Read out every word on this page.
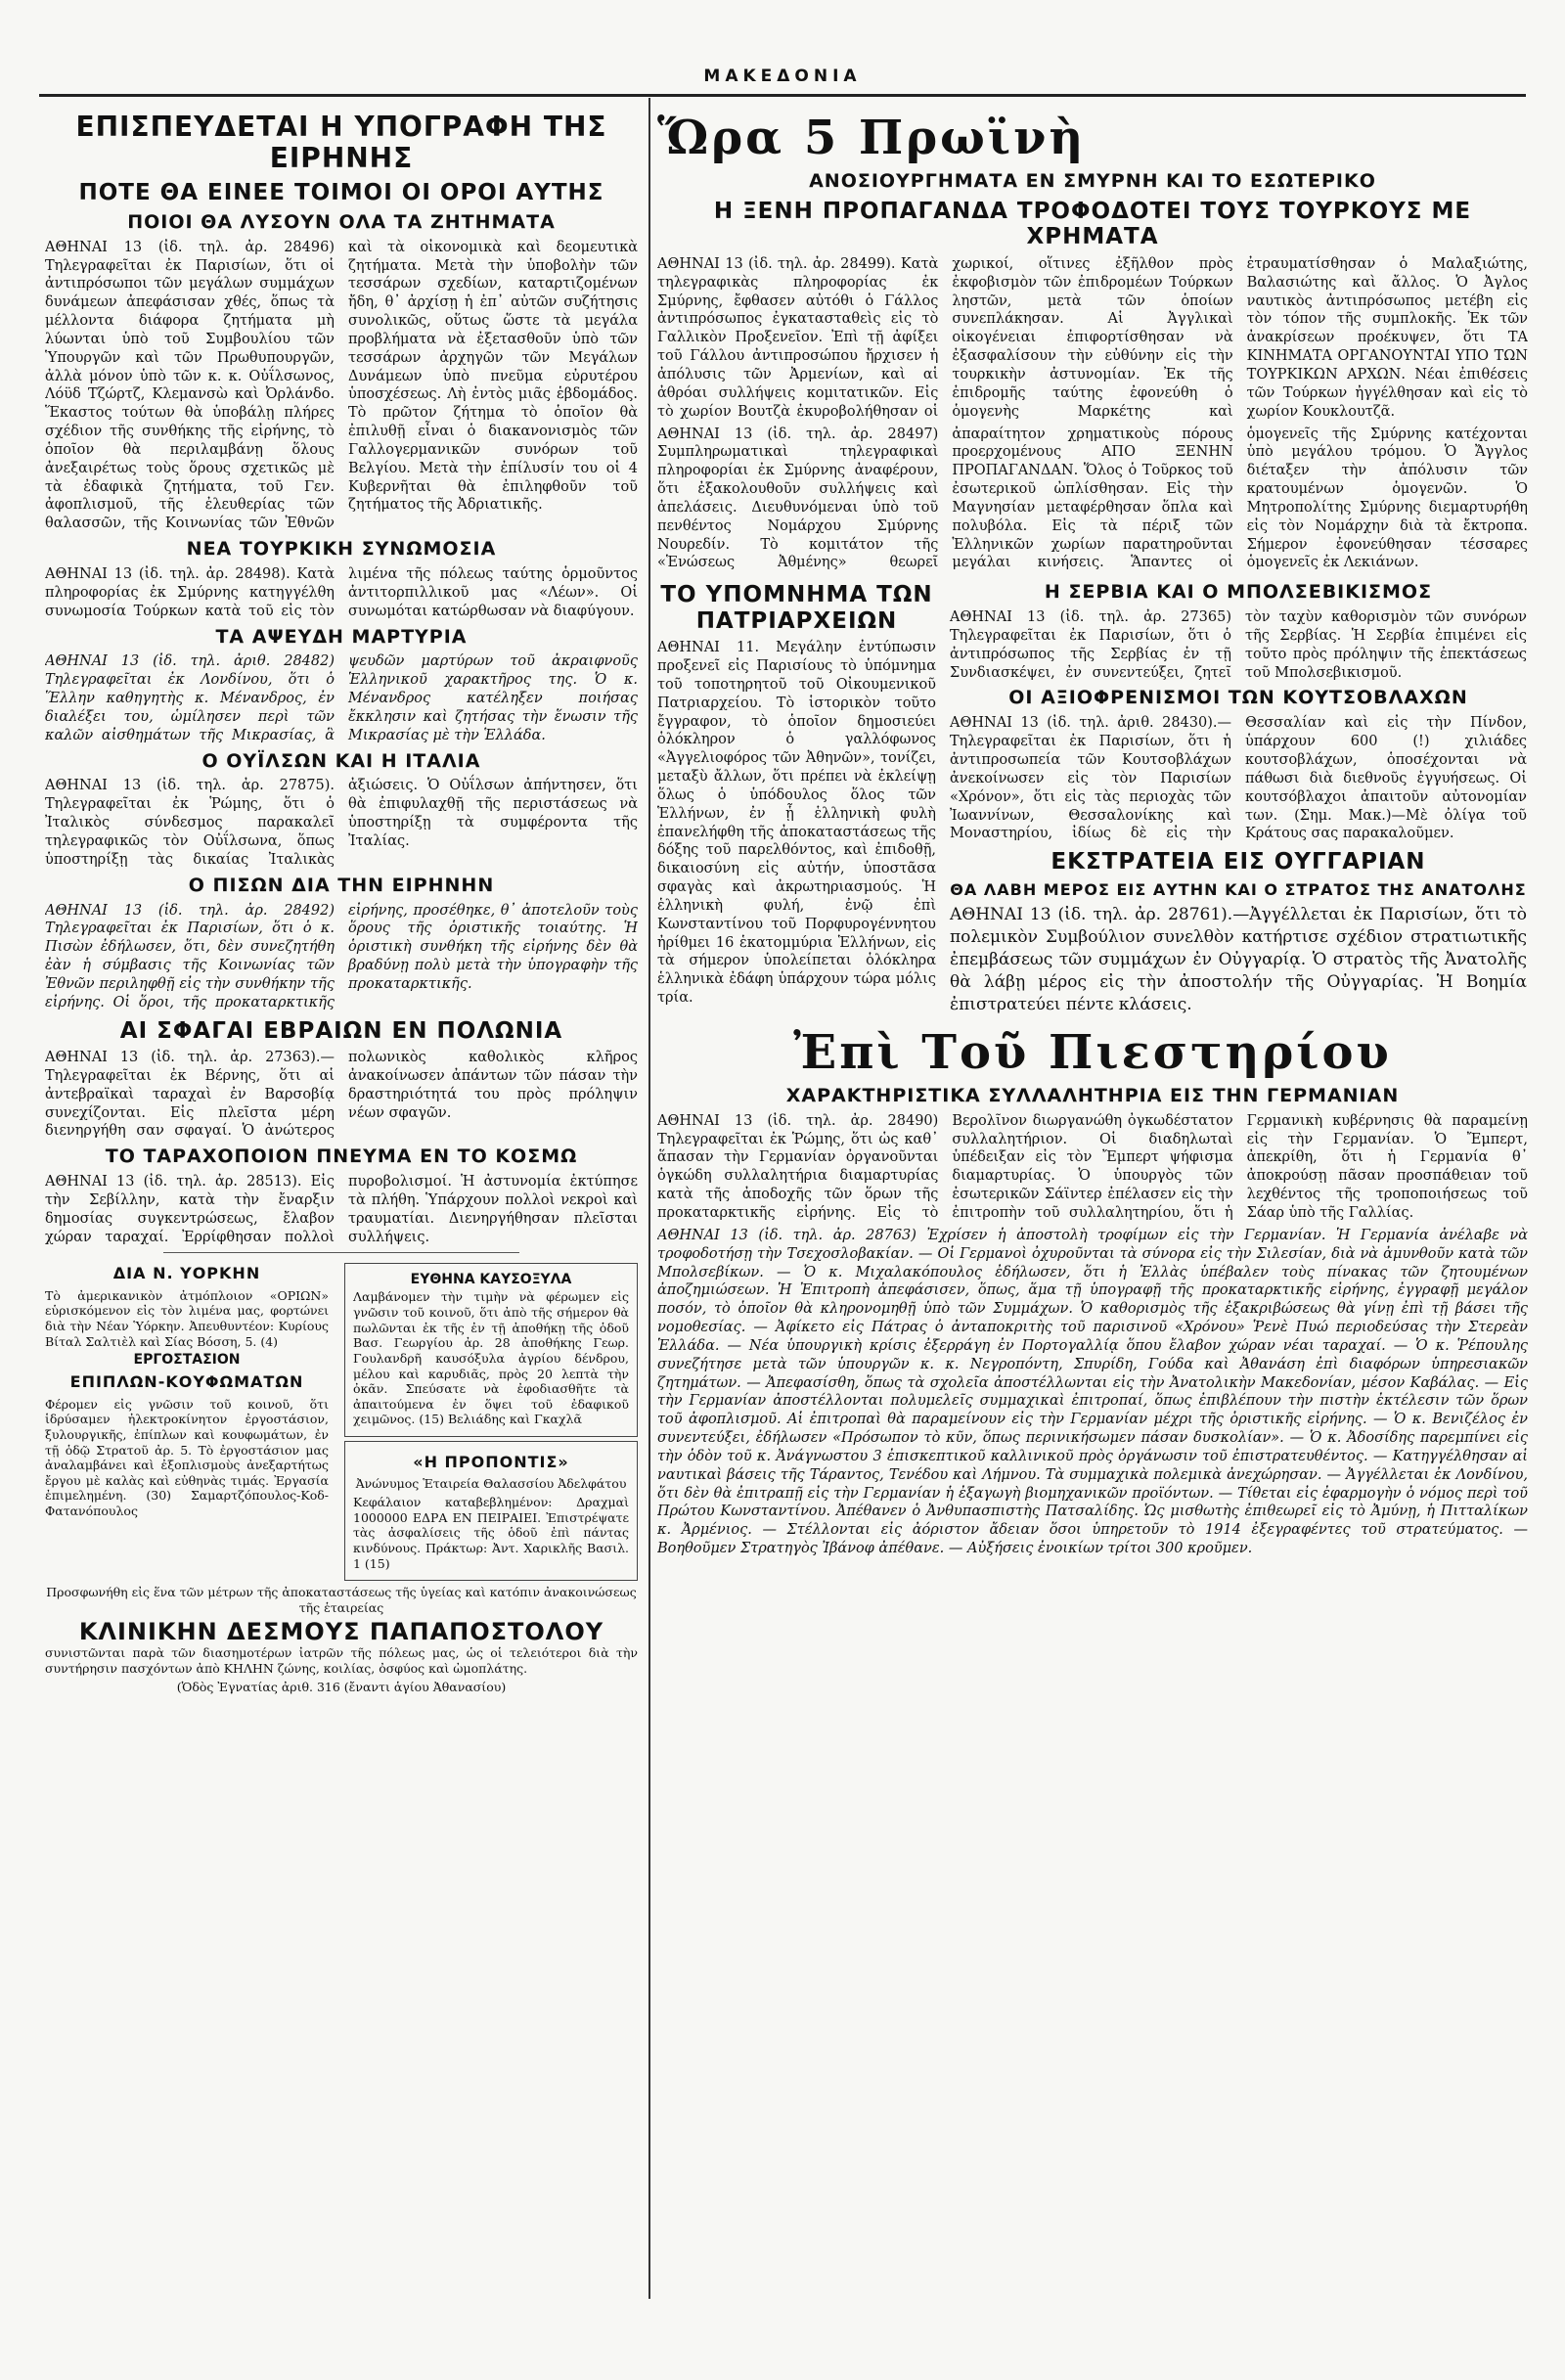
ΜΑΚΕΔΟΝΙΑ
ΕΠΙΣΠΕΥΔΕΤΑΙ Η ΥΠΟΓΡΑΦΗ ΤΗΣ ΕΙΡΗΝΗΣ
ΠΟΤΕ ΘΑ ΕΙΝΕΕ ΤΟΙΜΟΙ ΟΙ ΟΡΟΙ ΑΥΤΗΣ
ΠΟΙΟΙ ΘΑ ΛΥΣΟΥΝ ΟΛΑ ΤΑ ΖΗΤΗΜΑΤΑ

ΑΘΗΝΑΙ 13 (ἰδ. τηλ. ἀρ. 28496) Τηλεγραφεῖται ἐκ Παρισίων, ὅτι οἱ ἀντιπρόσωποι τῶν μεγάλων συμμάχων δυνάμεων ἀπεφάσισαν χθές, ὅπως τὰ μέλλοντα διάφορα ζητήματα μὴ λύωνται ὑπὸ τοῦ Συμβουλίου τῶν Ὑπουργῶν καὶ τῶν Πρωθυπουργῶν, ἀλλὰ μόνον ὑπὸ τῶν κ. κ. Οὐΐλσωνος, Λόϋδ Τζώρτζ, Κλεμανσὼ καὶ Ὀρλάνδο. Ἕκαστος τούτων θὰ ὑποβάλῃ πλήρες σχέδιον τῆς συνθήκης τῆς εἰρήνης, τὸ ὁποῖον θὰ περιλαμβάνῃ ὅλους ἀνεξαιρέτως τοὺς ὅρους σχετικῶς μὲ τὰ ἐδαφικὰ ζητήματα, τοῦ Γεν. ἀφοπλισμοῦ, τῆς ἐλευθερίας τῶν θαλασσῶν, τῆς Κοινωνίας τῶν Ἐθνῶν καὶ τὰ οἰκονομικὰ καὶ δεομευτικὰ ζητήματα. Μετὰ τὴν ὑποβολὴν τῶν τεσσάρων σχεδίων, καταρτιζομένων ἤδη, θ᾽ ἀρχίσῃ ἡ ἐπ᾽ αὐτῶν συζήτησις συνολικῶς, οὕτως ὥστε τὰ μεγάλα προβλήματα νὰ ἐξετασθοῦν ὑπὸ τῶν τεσσάρων ἀρχηγῶν τῶν Μεγάλων Δυνάμεων ὑπὸ πνεῦμα εὐρυτέρου ὑποσχέσεως. Λὴ ἐντὸς μιᾶς ἑβδομάδος. Τὸ πρῶτον ζήτημα τὸ ὁποῖον θὰ ἐπιλυθῇ εἶναι ὁ διακανονισμὸς τῶν Γαλλογερμανικῶν συνόρων τοῦ Βελγίου. Μετὰ τὴν ἐπίλυσίν του οἱ 4 Κυβερνῆται θὰ ἐπιληφθοῦν τοῦ ζητήματος τῆς Ἀδριατικῆς.

ΝΕΑ ΤΟΥΡΚΙΚΗ ΣΥΝΩΜΟΣΙΑ

ΑΘΗΝΑΙ 13 (ἰδ. τηλ. ἀρ. 28498). Κατὰ πληροφορίας ἐκ Σμύρνης κατηγγέλθη συνωμοσία Τούρκων κατὰ τοῦ εἰς τὸν λιμένα τῆς πόλεως ταύτης ὁρμοῦντος ἀντιτορπιλλικοῦ μας «Λέων». Οἱ συνωμόται κατώρθωσαν νὰ διαφύγουν.

ΤΑ ΑΨΕΥΔΗ ΜΑΡΤΥΡΙΑ

ΑΘΗΝΑΙ 13 (ἰδ. τηλ. ἀριθ. 28482) Τηλεγραφεῖται ἐκ Λονδίνου, ὅτι ὁ Ἕλλην καθηγητὴς κ. Μένανδρος, ἐν διαλέξει του, ὡμίλησεν περὶ τῶν καλῶν αἰσθημάτων τῆς Μικρασίας, ἃ ψευδῶν μαρτύρων τοῦ ἀκραιφνοῦς Ἑλληνικοῦ χαρακτῆρος της. Ὁ κ. Μένανδρος κατέληξεν ποιήσας ἔκκλησιν καὶ ζητήσας τὴν ἕνωσιν τῆς Μικρασίας μὲ τὴν Ἑλλάδα.

Ο ΟΥΪΛΣΩΝ ΚΑΙ Η ΙΤΑΛΙΑ

ΑΘΗΝΑΙ 13 (ἰδ. τηλ. ἀρ. 27875). Τηλεγραφεῖται ἐκ Ῥώμης, ὅτι ὁ Ἰταλικὸς σύνδεσμος παρακαλεῖ τηλεγραφικῶς τὸν Οὐΐλσωνα, ὅπως ὑποστηρίξῃ τὰς δικαίας Ἰταλικὰς ἀξιώσεις. Ὁ Οὐΐλσων ἀπήντησεν, ὅτι θὰ ἐπιφυλαχθῇ τῆς περιστάσεως νὰ ὑποστηρίξῃ τὰ συμφέροντα τῆς Ἰταλίας.

Ο ΠΙΣΩΝ ΔΙΑ ΤΗΝ ΕΙΡΗΝΗΝ

ΑΘΗΝΑΙ 13 (ἰδ. τηλ. ἀρ. 28492) Τηλεγραφεῖται ἐκ Παρισίων, ὅτι ὁ κ. Πισὼν ἐδήλωσεν, ὅτι, δὲν συνεζητήθη ἐὰν ἡ σύμβασις τῆς Κοινωνίας τῶν Ἐθνῶν περιληφθῇ εἰς τὴν συνθήκην τῆς εἰρήνης. Οἱ ὅροι, τῆς προκαταρκτικῆς εἰρήνης, προσέθηκε, θ᾽ ἀποτελοῦν τοὺς ὅρους τῆς ὁριστικῆς τοιαύτης. Ἡ ὁριστικὴ συνθήκη τῆς εἰρήνης δὲν θὰ βραδύνῃ πολὺ μετὰ τὴν ὑπογραφὴν τῆς προκαταρκτικῆς.

ΑΙ ΣΦΑΓΑΙ ΕΒΡΑΙΩΝ ΕΝ ΠΟΛΩΝΙΑ

ΑΘΗΝΑΙ 13 (ἰδ. τηλ. ἀρ. 27363).—Τηλεγραφεῖται ἐκ Βέρνης, ὅτι αἱ ἀντεβραϊκαὶ ταραχαὶ ἐν Βαρσοβίᾳ συνεχίζονται. Εἰς πλεῖστα μέρη διενηργήθη σαν σφαγαί. Ὁ ἀνώτερος πολωνικὸς καθολικὸς κλῆρος ἀνακοίνωσεν ἀπάντων τῶν πάσαν τὴν δραστηριότητά του πρὸς πρόληψιν νέων σφαγῶν.

ΤΟ ΤΑΡΑΧΟΠΟΙΟΝ ΠΝΕΥΜΑ ΕΝ ΤΟ ΚΟΣΜΩ

ΑΘΗΝΑΙ 13 (ἰδ. τηλ. ἀρ. 28513). Εἰς τὴν Σεβίλλην, κατὰ τὴν ἔναρξιν δημοσίας συγκεντρώσεως, ἔλαβον χώραν ταραχαί. Ἐρρίφθησαν πολλοὶ πυροβολισμοί. Ἡ ἀστυνομία ἐκτύπησε τὰ πλήθη. Ὑπάρχουν πολλοὶ νεκροὶ καὶ τραυματίαι. Διενηργήθησαν πλεῖσται συλλήψεις.

ΔΙΑ Ν. ΥΟΡΚΗΝ

Τὸ ἀμερικανικὸν ἀτμόπλοιον «ΟΡΙΩΝ» εὑρισκόμενον εἰς τὸν λιμένα μας, φορτώνει διὰ τὴν Νέαν Ὑόρκην. Ἀπευθυντέον: Κυρίους Βίταλ Σαλτιὲλ καὶ Σίας Βόσση, 5. (4)

ΕΡΓΟΣΤΑΣΙΟΝ
ΕΠΙΠΛΩΝ-ΚΟΥΦΩΜΑΤΩΝ

Φέρομεν εἰς γνῶσιν τοῦ κοινοῦ, ὅτι ἱδρύσαμεν ἠλεκτροκίνητον ἐργοστάσιον, ξυλουργικῆς, ἐπίπλων καὶ κουφωμάτων, ἐν τῇ ὁδῷ Στρατοῦ ἀρ. 5. Τὸ ἐργοστάσιον μας ἀναλαμβάνει καὶ ἐξοπλισμοὺς ἀνεξαρτήτως ἔργου μὲ καλὰς καὶ εὐθηνὰς τιμάς. Ἐργασία ἐπιμελημένη. (30) Σαμαρτζόπουλος-Κοδ-Φατανόπουλος

ΕΥΘΗΝΑ ΚΑΥΣΟΞΥΛΑ

Λαμβάνομεν τὴν τιμὴν νὰ φέρωμεν εἰς γνῶσιν τοῦ κοινοῦ, ὅτι ἀπὸ τῆς σήμερον θὰ πωλῶνται ἐκ τῆς ἐν τῇ ἀποθήκῃ τῆς ὁδοῦ Βασ. Γεωργίου ἀρ. 28 ἀποθήκης Γεωρ. Γουλανδρῆ καυσόξυλα ἀγρίου δένδρου, μέλου καὶ καρυδιᾶς, πρὸς 20 λεπτὰ τὴν ὀκᾶν. Σπεύσατε νὰ ἐφοδιασθῆτε τὰ ἀπαιτούμενα ἐν ὅψει τοῦ ἐδαφικοῦ χειμῶνος. (15) Βελιάδης καὶ Γκαχλᾶ

«Η ΠΡΟΠΟΝΤΙΣ»
Ἀνώνυμος Ἑταιρεία Θαλασσίου Ἀδελφάτου

Κεφάλαιον καταβεβλημένον: Δραχμαὶ 1000000 ΕΔΡΑ ΕΝ ΠΕΙΡΑΙΕΙ. Ἐπιστρέψατε τὰς ἀσφαλίσεις τῆς ὁδοῦ ἐπὶ πάντας κινδύνους. Πράκτωρ: Ἀντ. Χαρικλῆς Βασιλ. 1 (15)

Προσφωνήθη εἰς ἕνα τῶν μέτρων τῆς ἀποκαταστάσεως τῆς ὑγείας καὶ κατόπιν ἀνακοινώσεως τῆς ἑταιρείας

ΚΛΙΝΙΚΗΝ ΔΕΣΜΟΥΣ ΠΑΠΑΠΟΣΤΟΛΟΥ

συνιστῶνται παρὰ τῶν διασημοτέρων ἰατρῶν τῆς πόλεως μας, ὡς οἱ τελειότεροι διὰ τὴν συντήρησιν πασχόντων ἀπὸ ΚΗΛΗΝ ζώνης, κοιλίας, ὀσφύος καὶ ὠμοπλάτης.

(Ὁδὸς Ἐγνατίας ἀριθ. 316 (ἔναντι ἁγίου Ἀθανασίου)

Ὥρα 5 Πρωϊνὴ
ΑΝΟΣΙΟΥΡΓΗΜΑΤΑ ΕΝ ΣΜΥΡΝΗ ΚΑΙ ΤΟ ΕΣΩΤΕΡΙΚΟ
Η ΞΕΝΗ ΠΡΟΠΑΓΑΝΔΑ ΤΡΟΦΟΔΟΤΕΙ ΤΟΥΣ ΤΟΥΡΚΟΥΣ ΜΕ ΧΡΗΜΑΤΑ

ΑΘΗΝΑΙ 13 (ἰδ. τηλ. ἀρ. 28499). Κατὰ τηλεγραφικὰς πληροφορίας ἐκ Σμύρνης, ἔφθασεν αὐτόθι ὁ Γάλλος ἀντιπρόσωπος ἐγκατασταθεὶς εἰς τὸ Γαλλικὸν Προξενεῖον. Ἐπὶ τῇ ἀφίξει τοῦ Γάλλου ἀντιπροσώπου ἤρχισεν ἡ ἀπόλυσις τῶν Ἀρμενίων, καὶ αἱ ἀθρόαι συλλήψεις κομιτατικῶν. Εἰς τὸ χωρίον Βουτζὰ ἐκυροβολήθησαν οἱ χωρικοί, οἵτινες ἐξῆλθον πρὸς ἐκφοβισμὸν τῶν ἐπιδρομέων Τούρκων ληστῶν, μετὰ τῶν ὁποίων συνεπλάκησαν. Αἱ Ἀγγλικαὶ οἰκογένειαι ἐπιφορτίσθησαν νὰ ἐξασφαλίσουν τὴν εὐθύνην εἰς τὴν τουρκικὴν ἀστυνομίαν. Ἐκ τῆς ἐπιδρομῆς ταύτης ἐφονεύθη ὁ ὁμογενὴς Μαρκέτης καὶ ἐτραυματίσθησαν ὁ Μαλαξιώτης, Βαλασιώτης καὶ ἄλλος. Ὁ Ἀγλος ναυτικὸς ἀντιπρόσωπος μετέβη εἰς τὸν τόπον τῆς συμπλοκῆς. Ἐκ τῶν ἀνακρίσεων προέκυψεν, ὅτι ΤΑ ΚΙΝΗΜΑΤΑ ΟΡΓΑΝΟΥΝΤΑΙ ΥΠΟ ΤΩΝ ΤΟΥΡΚΙΚΩΝ ΑΡΧΩΝ. Νέαι ἐπιθέσεις τῶν Τούρκων ἠγγέλθησαν καὶ εἰς τὸ χωρίον Κουκλουτζᾶ.

ΑΘΗΝΑΙ 13 (ἰδ. τηλ. ἀρ. 28497) Συμπληρωματικαὶ τηλεγραφικαὶ πληροφορίαι ἐκ Σμύρνης ἀναφέρουν, ὅτι ἐξακολουθοῦν συλλήψεις καὶ ἀπελάσεις. Διευθυνόμεναι ὑπὸ τοῦ πενθέντος Νομάρχου Σμύρνης Νουρεδίν. Τὸ κομιτάτον τῆς «Ἑνώσεως Ἀθμένης» θεωρεῖ ἀπαραίτητον χρηματικοὺς πόρους προερχομένους ΑΠΟ ΞΕΝΗΝ ΠΡΟΠΑΓΑΝΔΑΝ. Ὅλος ὁ Τοῦρκος τοῦ ἐσωτερικοῦ ὠπλίσθησαν. Εἰς τὴν Μαγνησίαν μεταφέρθησαν ὅπλα καὶ πολυβόλα. Εἰς τὰ πέριξ τῶν Ἑλληνικῶν χωρίων παρατηροῦνται μεγάλαι κινήσεις. Ἅπαντες οἱ ὁμογενεῖς τῆς Σμύρνης κατέχονται ὑπὸ μεγάλου τρόμου. Ὁ Ἄγγλος διέταξεν τὴν ἀπόλυσιν τῶν κρατουμένων ὁμογενῶν. Ὁ Μητροπολίτης Σμύρνης διεμαρτυρήθη εἰς τὸν Νομάρχην διὰ τὰ ἔκτροπα. Σήμερον ἐφονεύθησαν τέσσαρες ὁμογενεῖς ἐκ Λεκιάνων.

ΤΟ ΥΠΟΜΝΗΜΑ ΤΩΝ ΠΑΤΡΙΑΡΧΕΙΩΝ

ΑΘΗΝΑΙ 11. Μεγάλην ἐντύπωσιν προξενεῖ εἰς Παρισίους τὸ ὑπόμνημα τοῦ τοποτηρητοῦ τοῦ Οἰκουμενικοῦ Πατριαρχείου. Τὸ ἱστορικὸν τοῦτο ἔγγραφον, τὸ ὁποῖον δημοσιεύει ὁλόκληρον ὁ γαλλόφωνος «Ἀγγελιοφόρος τῶν Ἀθηνῶν», τονίζει, μεταξὺ ἄλλων, ὅτι πρέπει νὰ ἐκλείψῃ ὅλως ὁ ὑπόδουλος ὅλος τῶν Ἑλλήνων, ἐν ᾗ ἑλληνικὴ φυλὴ ἐπανελήφθη τῆς ἀποκαταστάσεως τῆς δόξης τοῦ παρελθόντος, καὶ ἐπιδοθῇ, δικαιοσύνη εἰς αὐτήν, ὑποστᾶσα σφαγὰς καὶ ἀκρωτηριασμούς. Ἡ ἑλληνικὴ φυλή, ἐνῷ ἐπὶ Κωνσταντίνου τοῦ Πορφυρογέννητου ἠρίθμει 16 ἑκατομμύρια Ἑλλήνων, εἰς τὰ σήμερον ὑπολείπεται ὁλόκληρα ἑλληνικὰ ἐδάφη ὑπάρχουν τώρα μόλις τρία.

Η ΣΕΡΒΙΑ ΚΑΙ Ο ΜΠΟΛΣΕΒΙΚΙΣΜΟΣ

ΑΘΗΝΑΙ 13 (ἰδ. τηλ. ἀρ. 27365) Τηλεγραφεῖται ἐκ Παρισίων, ὅτι ὁ ἀντιπρόσωπος τῆς Σερβίας ἐν τῇ Συνδιασκέψει, ἐν συνεντεύξει, ζητεῖ τὸν ταχὺν καθορισμὸν τῶν συνόρων τῆς Σερβίας. Ἡ Σερβία ἐπιμένει εἰς τοῦτο πρὸς πρόληψιν τῆς ἐπεκτάσεως τοῦ Μπολσεβικισμοῦ.

ΟΙ ΑΞΙΟΦΡΕΝΙΣΜΟΙ ΤΩΝ ΚΟΥΤΣΟΒΛΑΧΩΝ

ΑΘΗΝΑΙ 13 (ἰδ. τηλ. ἀριθ. 28430).—Τηλεγραφεῖται ἐκ Παρισίων, ὅτι ἡ ἀντιπροσωπεία τῶν Κουτσοβλάχων ἀνεκοίνωσεν εἰς τὸν Παρισίων «Χρόνον», ὅτι εἰς τὰς περιοχὰς τῶν Ἰωαννίνων, Θεσσαλονίκης καὶ Μοναστηρίου, ἰδίως δὲ εἰς τὴν Θεσσαλίαν καὶ εἰς τὴν Πίνδον, ὑπάρχουν 600 (!) χιλιάδες κουτσοβλάχων, ὁποσέχονται νὰ πάθωσι διὰ διεθνοῦς ἐγγυήσεως. Οἱ κουτσόβλαχοι ἀπαιτοῦν αὐτονομίαν των. (Σημ. Μακ.)—Μὲ ὀλίγα τοῦ Κράτους σας παρακαλοῦμεν.

ΕΚΣΤΡΑΤΕΙΑ ΕΙΣ ΟΥΓΓΑΡΙΑΝ
ΘΑ ΛΑΒΗ ΜΕΡΟΣ ΕΙΣ ΑΥΤΗΝ ΚΑΙ Ο ΣΤΡΑΤΟΣ ΤΗΣ ΑΝΑΤΟΛΗΣ

ΑΘΗΝΑΙ 13 (ἰδ. τηλ. ἀρ. 28761).—Ἀγγέλλεται ἐκ Παρισίων, ὅτι τὸ πολεμικὸν Συμβούλιον συνελθὸν κατήρτισε σχέδιον στρατιωτικῆς ἐπεμβάσεως τῶν συμμάχων ἐν Οὐγγαρίᾳ. Ὁ στρατὸς τῆς Ἀνατολῆς θὰ λάβῃ μέρος εἰς τὴν ἀποστολήν τῆς Οὐγγαρίας. Ἡ Βοημία ἐπιστρατεύει πέντε κλάσεις.

Ἐπὶ Τοῦ Πιεστηρίου
ΧΑΡΑΚΤΗΡΙΣΤΙΚΑ ΣΥΛΛΑΛΗΤΗΡΙΑ ΕΙΣ ΤΗΝ ΓΕΡΜΑΝΙΑΝ

ΑΘΗΝΑΙ 13 (ἰδ. τηλ. ἀρ. 28490) Τηλεγραφεῖται ἐκ Ῥώμης, ὅτι ὡς καθ᾽ ἅπασαν τὴν Γερμανίαν ὀργανοῦνται ὁγκώδη συλλαλητήρια διαμαρτυρίας κατὰ τῆς ἀποδοχῆς τῶν ὅρων τῆς προκαταρκτικῆς εἰρήνης. Εἰς τὸ Βερολῖνον διωργανώθη ὀγκωδέστατον συλλαλητήριον. Οἱ διαδηλωταὶ ὑπέδειξαν εἰς τὸν Ἔμπερτ ψήφισμα διαμαρτυρίας. Ὁ ὑπουργὸς τῶν ἐσωτερικῶν Σάϊντερ ἐπέλασεν εἰς τὴν ἐπιτροπὴν τοῦ συλλαλητηρίου, ὅτι ἡ Γερμανικὴ κυβέρνησις θὰ παραμείνῃ εἰς τὴν Γερμανίαν. Ὁ Ἔμπερτ, ἀπεκρίθη, ὅτι ἡ Γερμανία θ᾽ ἀποκρούσῃ πᾶσαν προσπάθειαν τοῦ λεχθέντος τῆς τροποποιήσεως τοῦ Σάαρ ὑπὸ τῆς Γαλλίας.

ΑΘΗΝΑΙ 13 (ἰδ. τηλ. ἀρ. 28763) Ἐχρίσεν ἡ ἀποστολὴ τροφίμων εἰς τὴν Γερμανίαν. Ἡ Γερμανία ἀνέλαβε νὰ τροφοδοτήσῃ τὴν Τσεχοσλοβακίαν. — Οἱ Γερμανοὶ ὀχυροῦνται τὰ σύνορα εἰς τὴν Σιλεσίαν, διὰ νὰ ἀμυνθοῦν κατὰ τῶν Μπολσεβίκων. — Ὁ κ. Μιχαλακόπουλος ἐδήλωσεν, ὅτι ἡ Ἑλλὰς ὑπέβαλεν τοὺς πίνακας τῶν ζητουμένων ἀποζημιώσεων. Ἡ Ἐπιτροπὴ ἀπεφάσισεν, ὅπως, ἅμα τῇ ὑπογραφῇ τῆς προκαταρκτικῆς εἰρήνης, ἐγγραφῇ μεγάλον ποσόν, τὸ ὁποῖον θὰ κληρονομηθῇ ὑπὸ τῶν Συμμάχων. Ὁ καθορισμὸς τῆς ἐξακριβώσεως θὰ γίνῃ ἐπὶ τῇ βάσει τῆς νομοθεσίας. — Ἀφίκετο εἰς Πάτρας ὁ ἀνταποκριτὴς τοῦ παρισινοῦ «Χρόνου» Ῥενὲ Πυώ περιοδεύσας τὴν Στερεὰν Ἑλλάδα. — Νέα ὑπουργικὴ κρίσις ἐξερράγη ἐν Πορτογαλλίᾳ ὅπου ἔλαβον χώραν νέαι ταραχαί. — Ὁ κ. Ῥέπουλης συνεζήτησε μετὰ τῶν ὑπουργῶν κ. κ. Νεγροπόντη, Σπυρίδη, Γούδα καὶ Ἀθανάση ἐπὶ διαφόρων ὑπηρεσιακῶν ζητημάτων. — Ἀπεφασίσθη, ὅπως τὰ σχολεῖα ἀποστέλλωνται εἰς τὴν Ἀνατολικὴν Μακεδονίαν, μέσον Καβάλας. — Εἰς τὴν Γερμανίαν ἀποστέλλονται πολυμελεῖς συμμαχικαὶ ἐπιτροπαί, ὅπως ἐπιβλέπουν τὴν πιστὴν ἐκτέλεσιν τῶν ὅρων τοῦ ἀφοπλισμοῦ. Αἱ ἐπιτροπαὶ θὰ παραμείνουν εἰς τὴν Γερμανίαν μέχρι τῆς ὁριστικῆς εἰρήνης. — Ὁ κ. Βενιζέλος ἐν συνεντεύξει, ἐδήλωσεν «Πρόσωπον τὸ κῦν, ὅπως περινικήσωμεν πάσαν δυσκολίαν». — Ὁ κ. Ἀδοσίδης παρεμπίνει εἰς τὴν ὁδὸν τοῦ κ. Ἀνάγνωστου 3 ἐπισκεπτικοῦ καλλινικοῦ πρὸς ὀργάνωσιν τοῦ ἐπιστρατευθέντος. — Κατηγγέλθησαν αἱ ναυτικαὶ βάσεις τῆς Τάραντος, Τενέδου καὶ Λήμνου. Τὰ συμμαχικὰ πολεμικὰ ἀνεχώρησαν. — Ἀγγέλλεται ἐκ Λονδίνου, ὅτι δὲν θὰ ἐπιτραπῇ εἰς τὴν Γερμανίαν ἡ ἐξαγωγὴ βιομηχανικῶν προϊόντων. — Τίθεται εἰς ἐφαρμογὴν ὁ νόμος περὶ τοῦ Πρώτου Κωνσταντίνου. Ἀπέθανεν ὁ Ἀνθυπασπιστὴς Πατσαλίδης. Ὡς μισθωτὴς ἐπιθεωρεῖ εἰς τὸ Ἀμύνῃ, ἡ Πιτταλίκων κ. Ἀρμένιος. — Στέλλονται εἰς ἀόριστον ἄδειαν ὅσοι ὑπηρετοῦν τὸ 1914 ἐξεγραφέντες τοῦ στρατεύματος. — Βοηθοῦμεν Στρατηγὸς Ἰβάνοφ ἀπέθανε. — Αὐξήσεις ἐνοικίων τρίτοι 300 κροῦμεν.
